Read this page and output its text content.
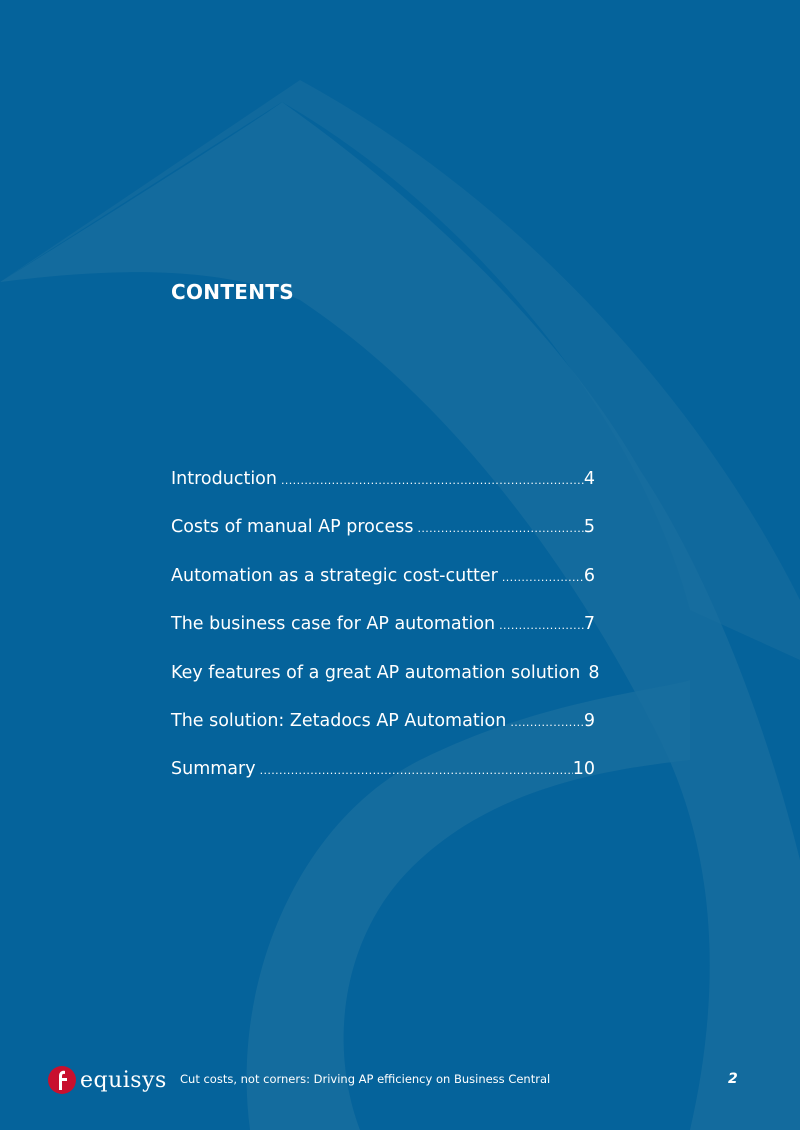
CONTENTS
Introduction .....	4
Costs of manual AP process .....	5
Automation as a strategic cost-cutter .....	6
The business case for AP automation .....	7
Key features of a great AP automation solution 8
The solution: Zetadocs AP Automation .....	9
Summary .....	10
equisys Cut costs, not corners: Driving AP efficiency on Business Central	2
